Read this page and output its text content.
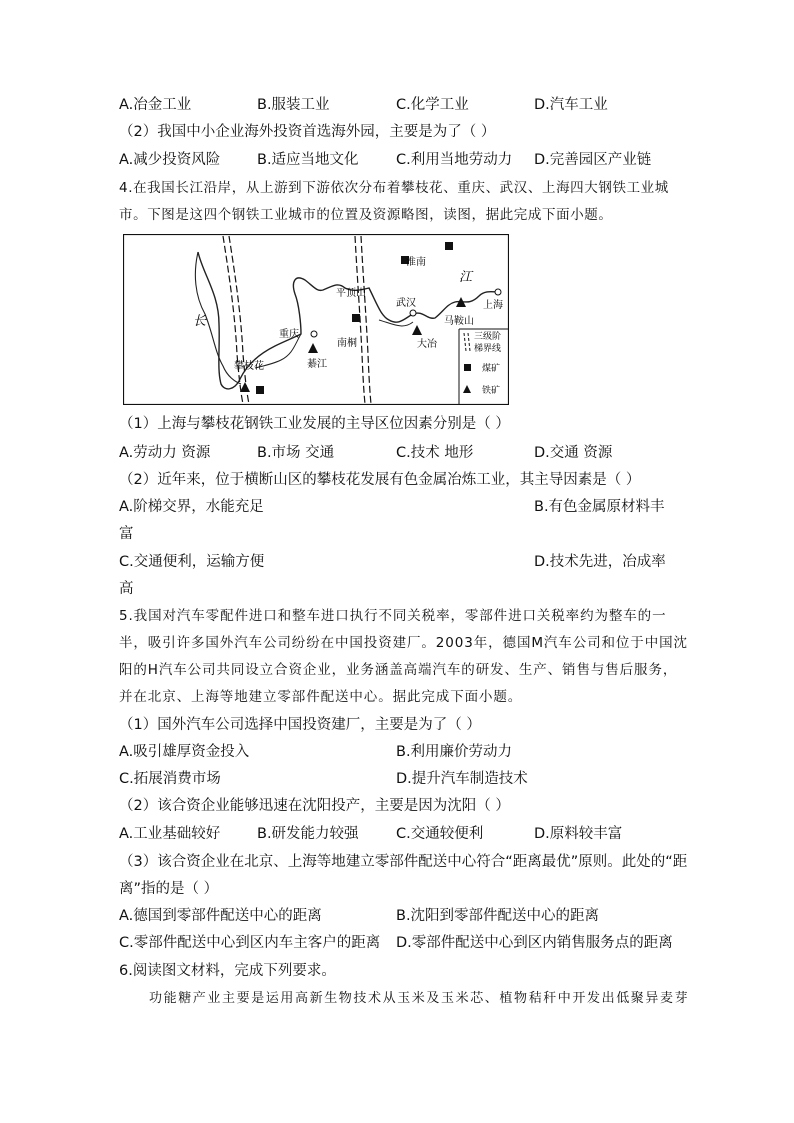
A.冶金工业	B.服装工业	C.化学工业	D.汽车工业
（2）我国中小企业海外投资首选海外园，主要是为了（ ）
A.减少投资风险	B.适应当地文化	C.利用当地劳动力 D.完善园区产业链
4.在我国长江沿岸，从上游到下游依次分布着攀枝花、重庆、武汉、上海四大钢铁工业城
市。下图是这四个钢铁工业城市的位置及资源略图，读图，据此完成下面小题。
淮南
平顶山
武汉
马鞍山
上海
重庆
綦江
南桐	大冶
攀枝花
长
江
三级阶
梯界线
煤矿
铁矿
（1）上海与攀枝花钢铁工业发展的主导区位因素分别是（ ）
A.劳动力 资源	B.市场 交通	C.技术 地形	D.交通 资源
（2）近年来，位于横断山区的攀枝花发展有色金属冶炼工业，其主导因素是（ ）
A.阶梯交界，水能充足	B.有色金属原材料丰
富
C.交通便利，运输方便	D.技术先进，冶成率
高
5.我国对汽车零配件进口和整车进口执行不同关税率，零部件进口关税率约为整车的一
半，吸引许多国外汽车公司纷纷在中国投资建厂。2003年，德国M汽车公司和位于中国沈
阳的H汽车公司共同设立合资企业，业务涵盖高端汽车的研发、生产、销售与售后服务，
并在北京、上海等地建立零部件配送中心。据此完成下面小题。
（1）国外汽车公司选择中国投资建厂，主要是为了（ ）
A.吸引雄厚资金投入	B.利用廉价劳动力
C.拓展消费市场	D.提升汽车制造技术
（2）该合资企业能够迅速在沈阳投产，主要是因为沈阳（ ）
A.工业基础较好	B.研发能力较强	C.交通较便利	D.原料较丰富
（3）该合资企业在北京、上海等地建立零部件配送中心符合“距离最优”原则。此处的“距
离”指的是（ ）
A.德国到零部件配送中心的距离	B.沈阳到零部件配送中心的距离
C.零部件配送中心到区内车主客户的距离 D.零部件配送中心到区内销售服务点的距离
6.阅读图文材料，完成下列要求。
功能糖产业主要是运用高新生物技术从玉米及玉米芯、植物秸秆中开发出低聚异麦芽
